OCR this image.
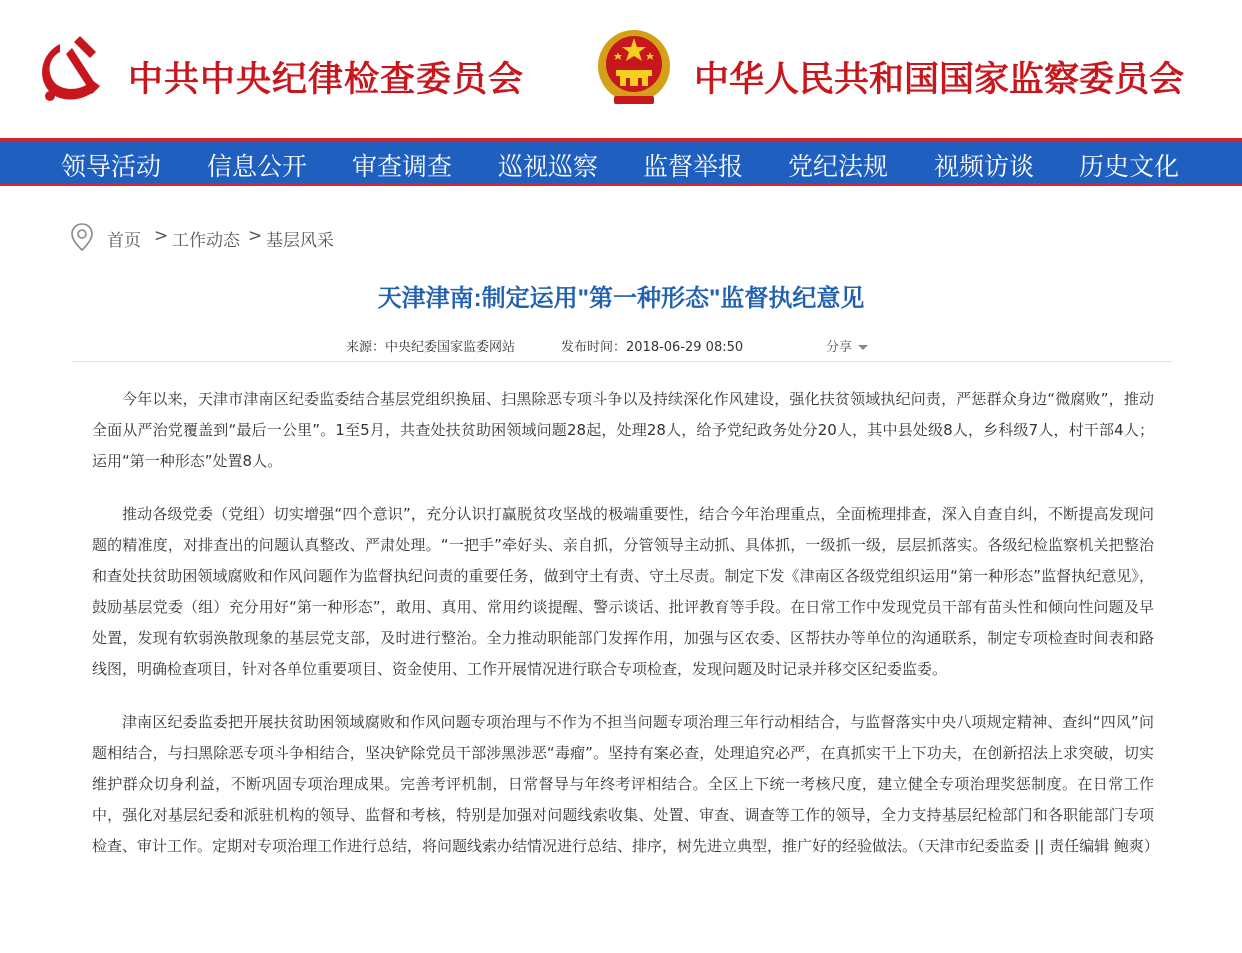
中共中央纪律检查委员会	中华人民共和国国家监察委员会
领导活动 信息公开 审查调查 巡视巡察 监督举报 党纪法规 视频访谈 历史文化
首页 > 工作动态 > 基层风采
天津津南:制定运用"第一种形态"监督执纪意见
来源：中央纪委国家监委网站	发布时间：2018-06-29 08:50	分享

今年以来，天津市津南区纪委监委结合基层党组织换届、扫黑除恶专项斗争以及持续深化作风建设，强化扶贫领域执纪问责，严惩群众身边“微腐败”，推动全面从严治党覆盖到“最后一公里”。1至5月，共查处扶贫助困领域问题28起，处理28人，给予党纪政务处分20人，其中县处级8人，乡科级7人，村干部4人；运用“第一种形态”处置8人。

推动各级党委（党组）切实增强“四个意识”，充分认识打赢脱贫攻坚战的极端重要性，结合今年治理重点，全面梳理排查，深入自查自纠，不断提高发现问题的精准度，对排查出的问题认真整改、严肃处理。“一把手”牵好头、亲自抓，分管领导主动抓、具体抓，一级抓一级，层层抓落实。各级纪检监察机关把整治和查处扶贫助困领域腐败和作风问题作为监督执纪问责的重要任务，做到守土有责、守土尽责。制定下发《津南区各级党组织运用“第一种形态”监督执纪意见》，鼓励基层党委（组）充分用好“第一种形态”，敢用、真用、常用约谈提醒、警示谈话、批评教育等手段。在日常工作中发现党员干部有苗头性和倾向性问题及早处置，发现有软弱涣散现象的基层党支部，及时进行整治。全力推动职能部门发挥作用，加强与区农委、区帮扶办等单位的沟通联系，制定专项检查时间表和路线图，明确检查项目，针对各单位重要项目、资金使用、工作开展情况进行联合专项检查，发现问题及时记录并移交区纪委监委。

津南区纪委监委把开展扶贫助困领域腐败和作风问题专项治理与不作为不担当问题专项治理三年行动相结合，与监督落实中央八项规定精神、查纠“四风”问题相结合，与扫黑除恶专项斗争相结合，坚决铲除党员干部涉黑涉恶“毒瘤”。坚持有案必查，处理追究必严，在真抓实干上下功夫，在创新招法上求突破，切实维护群众切身利益，不断巩固专项治理成果。完善考评机制，日常督导与年终考评相结合。全区上下统一考核尺度，建立健全专项治理奖惩制度。在日常工作中，强化对基层纪委和派驻机构的领导、监督和考核，特别是加强对问题线索收集、处置、审查、调查等工作的领导，全力支持基层纪检部门和各职能部门专项检查、审计工作。定期对专项治理工作进行总结，将问题线索办结情况进行总结、排序，树先进立典型，推广好的经验做法。（天津市纪委监委 || 责任编辑 鲍爽）
